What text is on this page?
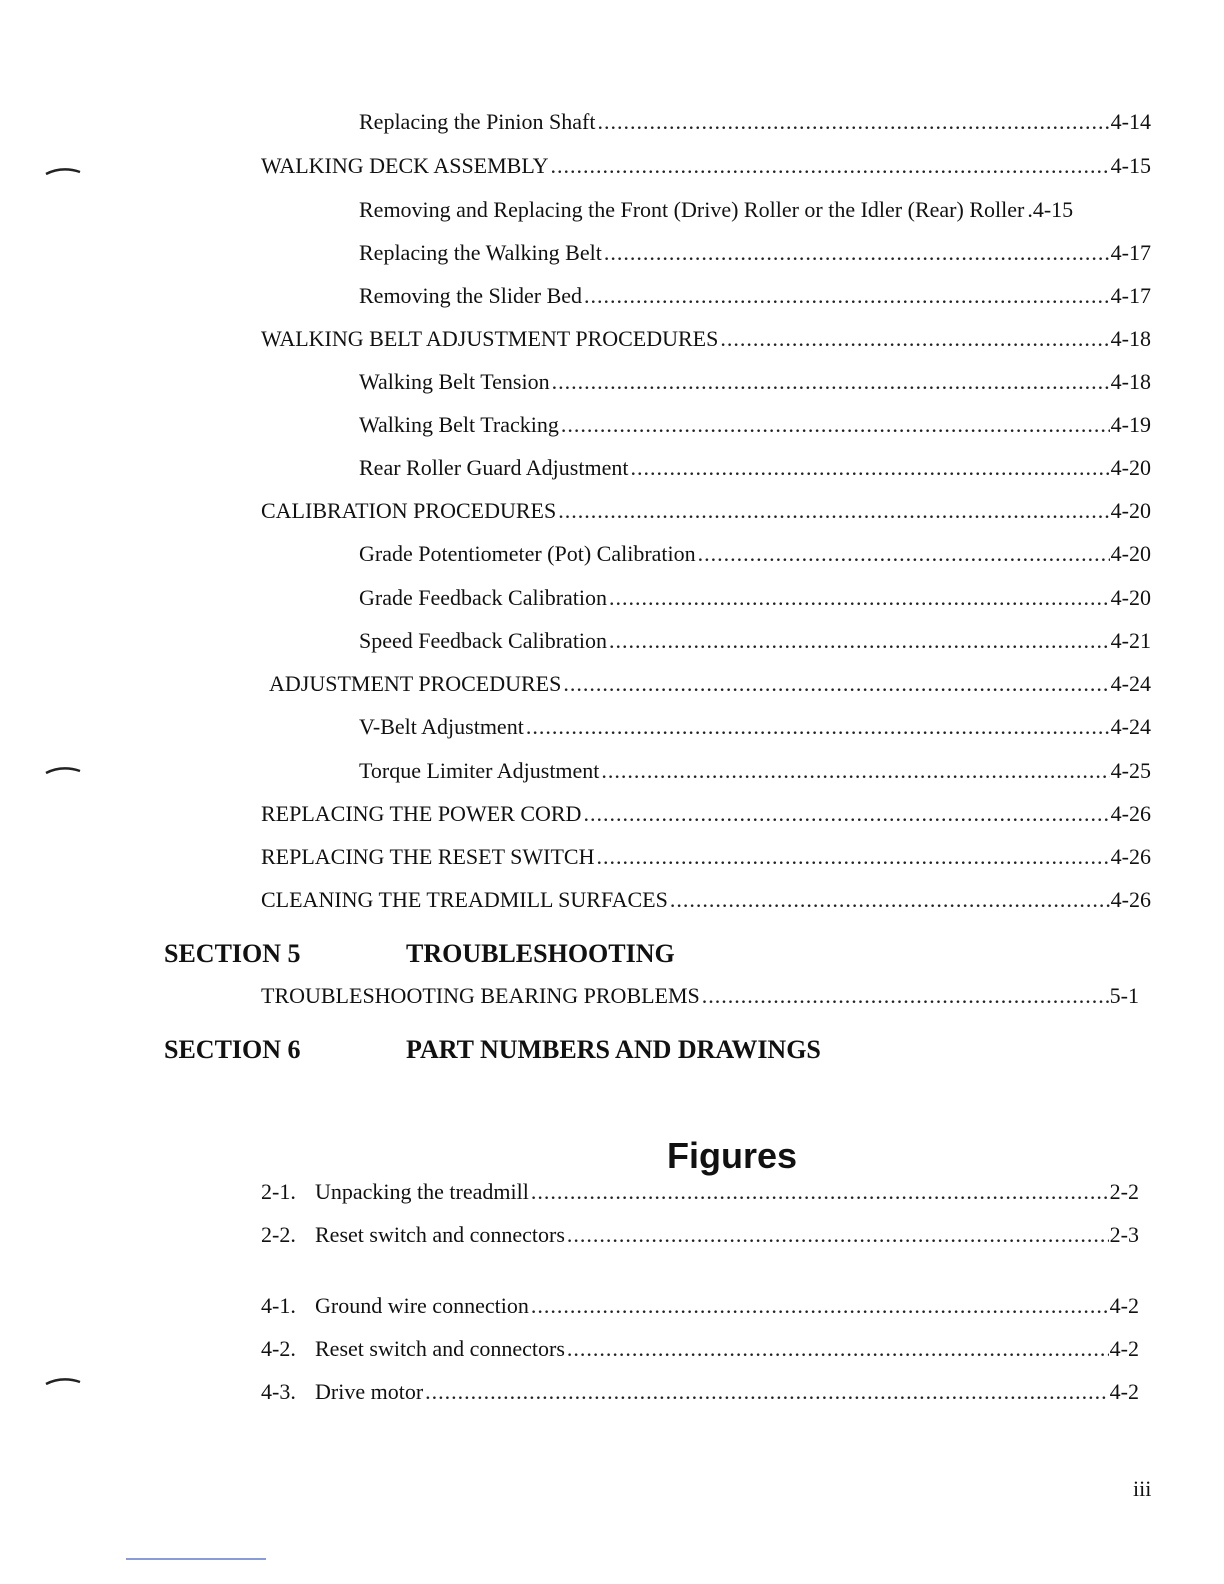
Replacing the Pinion Shaft .....	4-14
WALKING DECK ASSEMBLY .....	4-15
Removing and Replacing the Front (Drive) Roller or the Idler (Rear) Roller .4-15
Replacing the Walking Belt .....	4-17
Removing the Slider Bed .....	4-17
WALKING BELT ADJUSTMENT PROCEDURES .....	4-18
Walking Belt Tension .....	4-18
Walking Belt Tracking .....	4-19
Rear Roller Guard Adjustment .....	4-20
CALIBRATION PROCEDURES .....	4-20
Grade Potentiometer (Pot) Calibration .....	4-20
Grade Feedback Calibration .....	4-20
Speed Feedback Calibration .....	4-21
ADJUSTMENT PROCEDURES .....	4-24
V-Belt Adjustment .....	4-24
Torque Limiter Adjustment .....	4-25
REPLACING THE POWER CORD .....	4-26
REPLACING THE RESET SWITCH .....	4-26
CLEANING THE TREADMILL SURFACES .....	4-26
SECTION 5	TROUBLESHOOTING
TROUBLESHOOTING BEARING PROBLEMS .....	5-1
SECTION 6	PART NUMBERS AND DRAWINGS
Figures
2-1. Unpacking the treadmill .....	2-2
2-2. Reset switch and connectors .....	2-3
4-1. Ground wire connection .....	4-2
4-2. Reset switch and connectors .....	4-2
4-3. Drive motor .....	4-2
iii
